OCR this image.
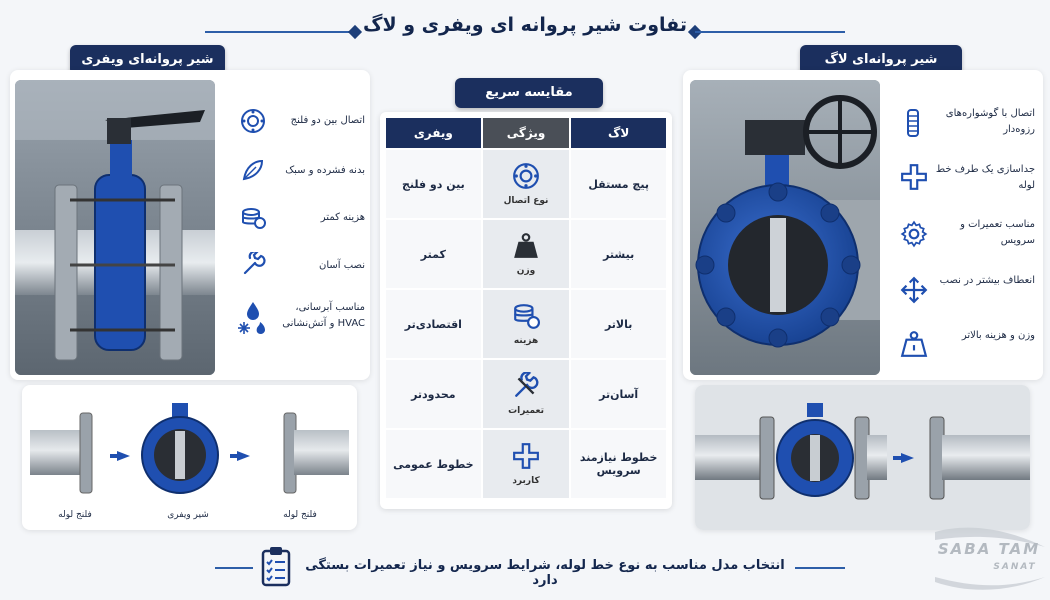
تفاوت شیر پروانه ای ویفری و لاگ
شیر پروانه‌ای ویفری
اتصال بین دو فلنج
بدنه فشرده و سبک
هزینه کمتر
نصب آسان
مناسب آبرسانی، HVAC و آتش‌نشانی
فلنج لوله	شیر ویفری	فلنج لوله
مقایسه سریع
لاگ	ویژگی	ویفری
پیچ مستقل	نوع اتصال	بین دو فلنج
بیشتر	وزن	کمتر
بالاتر	هزینه	اقتصادی‌تر
آسان‌تر	تعمیرات	محدودتر
خطوط نیازمند سرویس	کاربرد	خطوط عمومی
شیر پروانه‌ای لاگ
اتصال با گوشواره‌های رزوه‌دار
جداسازی یک طرف خط لوله
مناسب تعمیرات و سرویس
انعطاف بیشتر در نصب
وزن و هزینه بالاتر
انتخاب مدل مناسب به نوع خط لوله، شرایط سرویس و نیاز تعمیرات بستگی دارد
SABA TAM
SANAT
